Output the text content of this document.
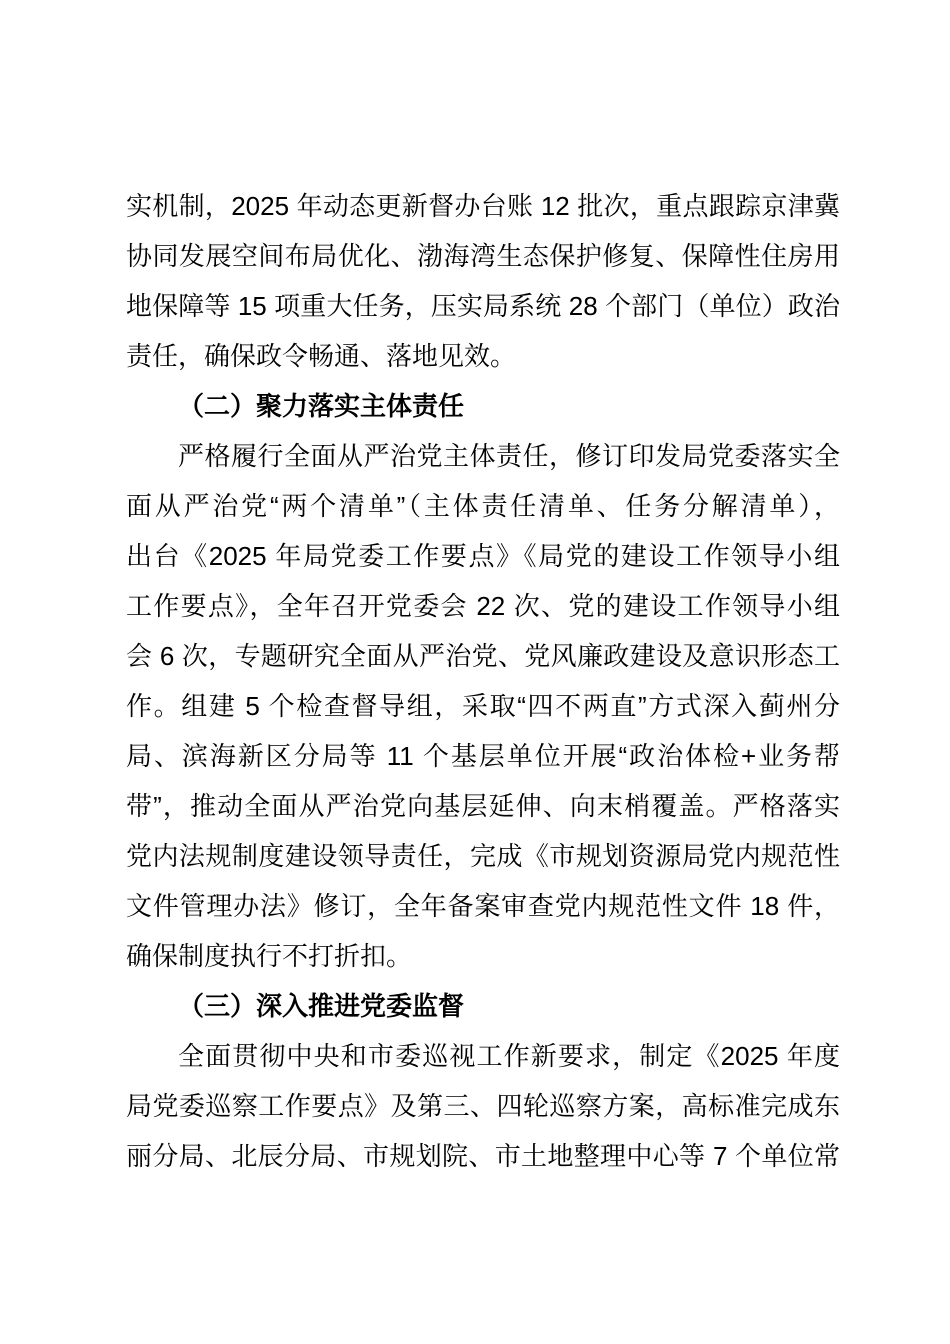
实机制，2025 年动态更新督办台账 12 批次，重点跟踪京津冀
协同发展空间布局优化、渤海湾生态保护修复、保障性住房用
地保障等 15 项重大任务，压实局系统 28 个部门（单位）政治
责任，确保政令畅通、落地见效。
（二）聚力落实主体责任
严格履行全面从严治党主体责任，修订印发局党委落实全
面从严治党“两个清单”（主体责任清单、任务分解清单），
出台《2025 年局党委工作要点》《局党的建设工作领导小组
工作要点》，全年召开党委会 22 次、党的建设工作领导小组
会 6 次，专题研究全面从严治党、党风廉政建设及意识形态工
作。组建 5 个检查督导组，采取“四不两直”方式深入蓟州分
局、滨海新区分局等 11 个基层单位开展“政治体检+业务帮
带”，推动全面从严治党向基层延伸、向末梢覆盖。严格落实
党内法规制度建设领导责任，完成《市规划资源局党内规范性
文件管理办法》修订，全年备案审查党内规范性文件 18 件，
确保制度执行不打折扣。
（三）深入推进党委监督
全面贯彻中央和市委巡视工作新要求，制定《2025 年度
局党委巡察工作要点》及第三、四轮巡察方案，高标准完成东
丽分局、北辰分局、市规划院、市土地整理中心等 7 个单位常
